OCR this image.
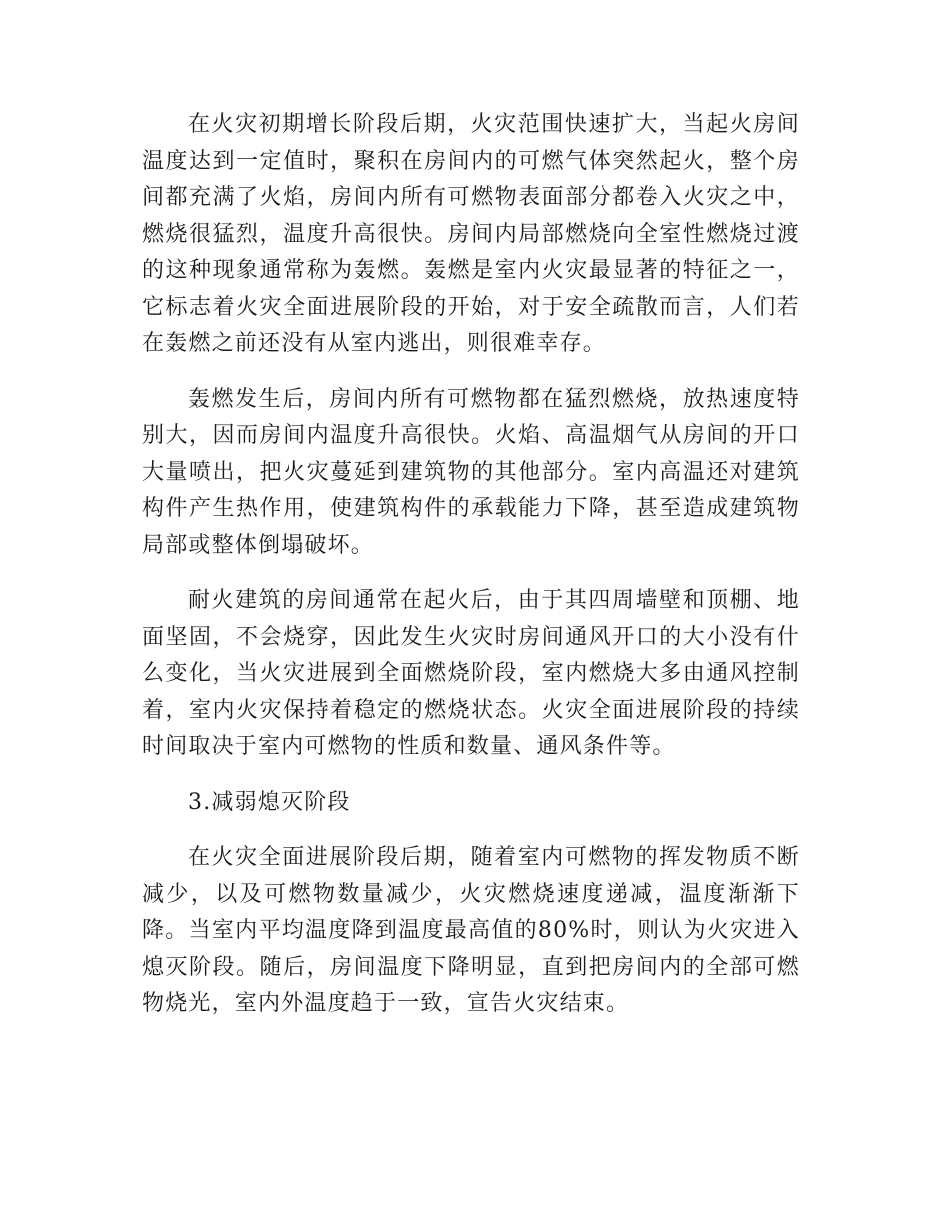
在火灾初期增长阶段后期，火灾范围快速扩大，当起火房间温度达到一定值时，聚积在房间内的可燃气体突然起火，整个房间都充满了火焰，房间内所有可燃物表面部分都卷入火灾之中，燃烧很猛烈，温度升高很快。房间内局部燃烧向全室性燃烧过渡的这种现象通常称为轰燃。轰燃是室内火灾最显著的特征之一，它标志着火灾全面进展阶段的开始，对于安全疏散而言，人们若在轰燃之前还没有从室内逃出，则很难幸存。

轰燃发生后，房间内所有可燃物都在猛烈燃烧，放热速度特别大，因而房间内温度升高很快。火焰、高温烟气从房间的开口大量喷出，把火灾蔓延到建筑物的其他部分。室内高温还对建筑构件产生热作用，使建筑构件的承载能力下降，甚至造成建筑物局部或整体倒塌破坏。

耐火建筑的房间通常在起火后，由于其四周墙壁和顶棚、地面坚固，不会烧穿，因此发生火灾时房间通风开口的大小没有什么变化，当火灾进展到全面燃烧阶段，室内燃烧大多由通风控制着，室内火灾保持着稳定的燃烧状态。火灾全面进展阶段的持续时间取决于室内可燃物的性质和数量、通风条件等。

3.减弱熄灭阶段

在火灾全面进展阶段后期，随着室内可燃物的挥发物质不断减少，以及可燃物数量减少，火灾燃烧速度递减，温度渐渐下降。当室内平均温度降到温度最高值的80%时，则认为火灾进入熄灭阶段。随后，房间温度下降明显，直到把房间内的全部可燃物烧光，室内外温度趋于一致，宣告火灾结束。
